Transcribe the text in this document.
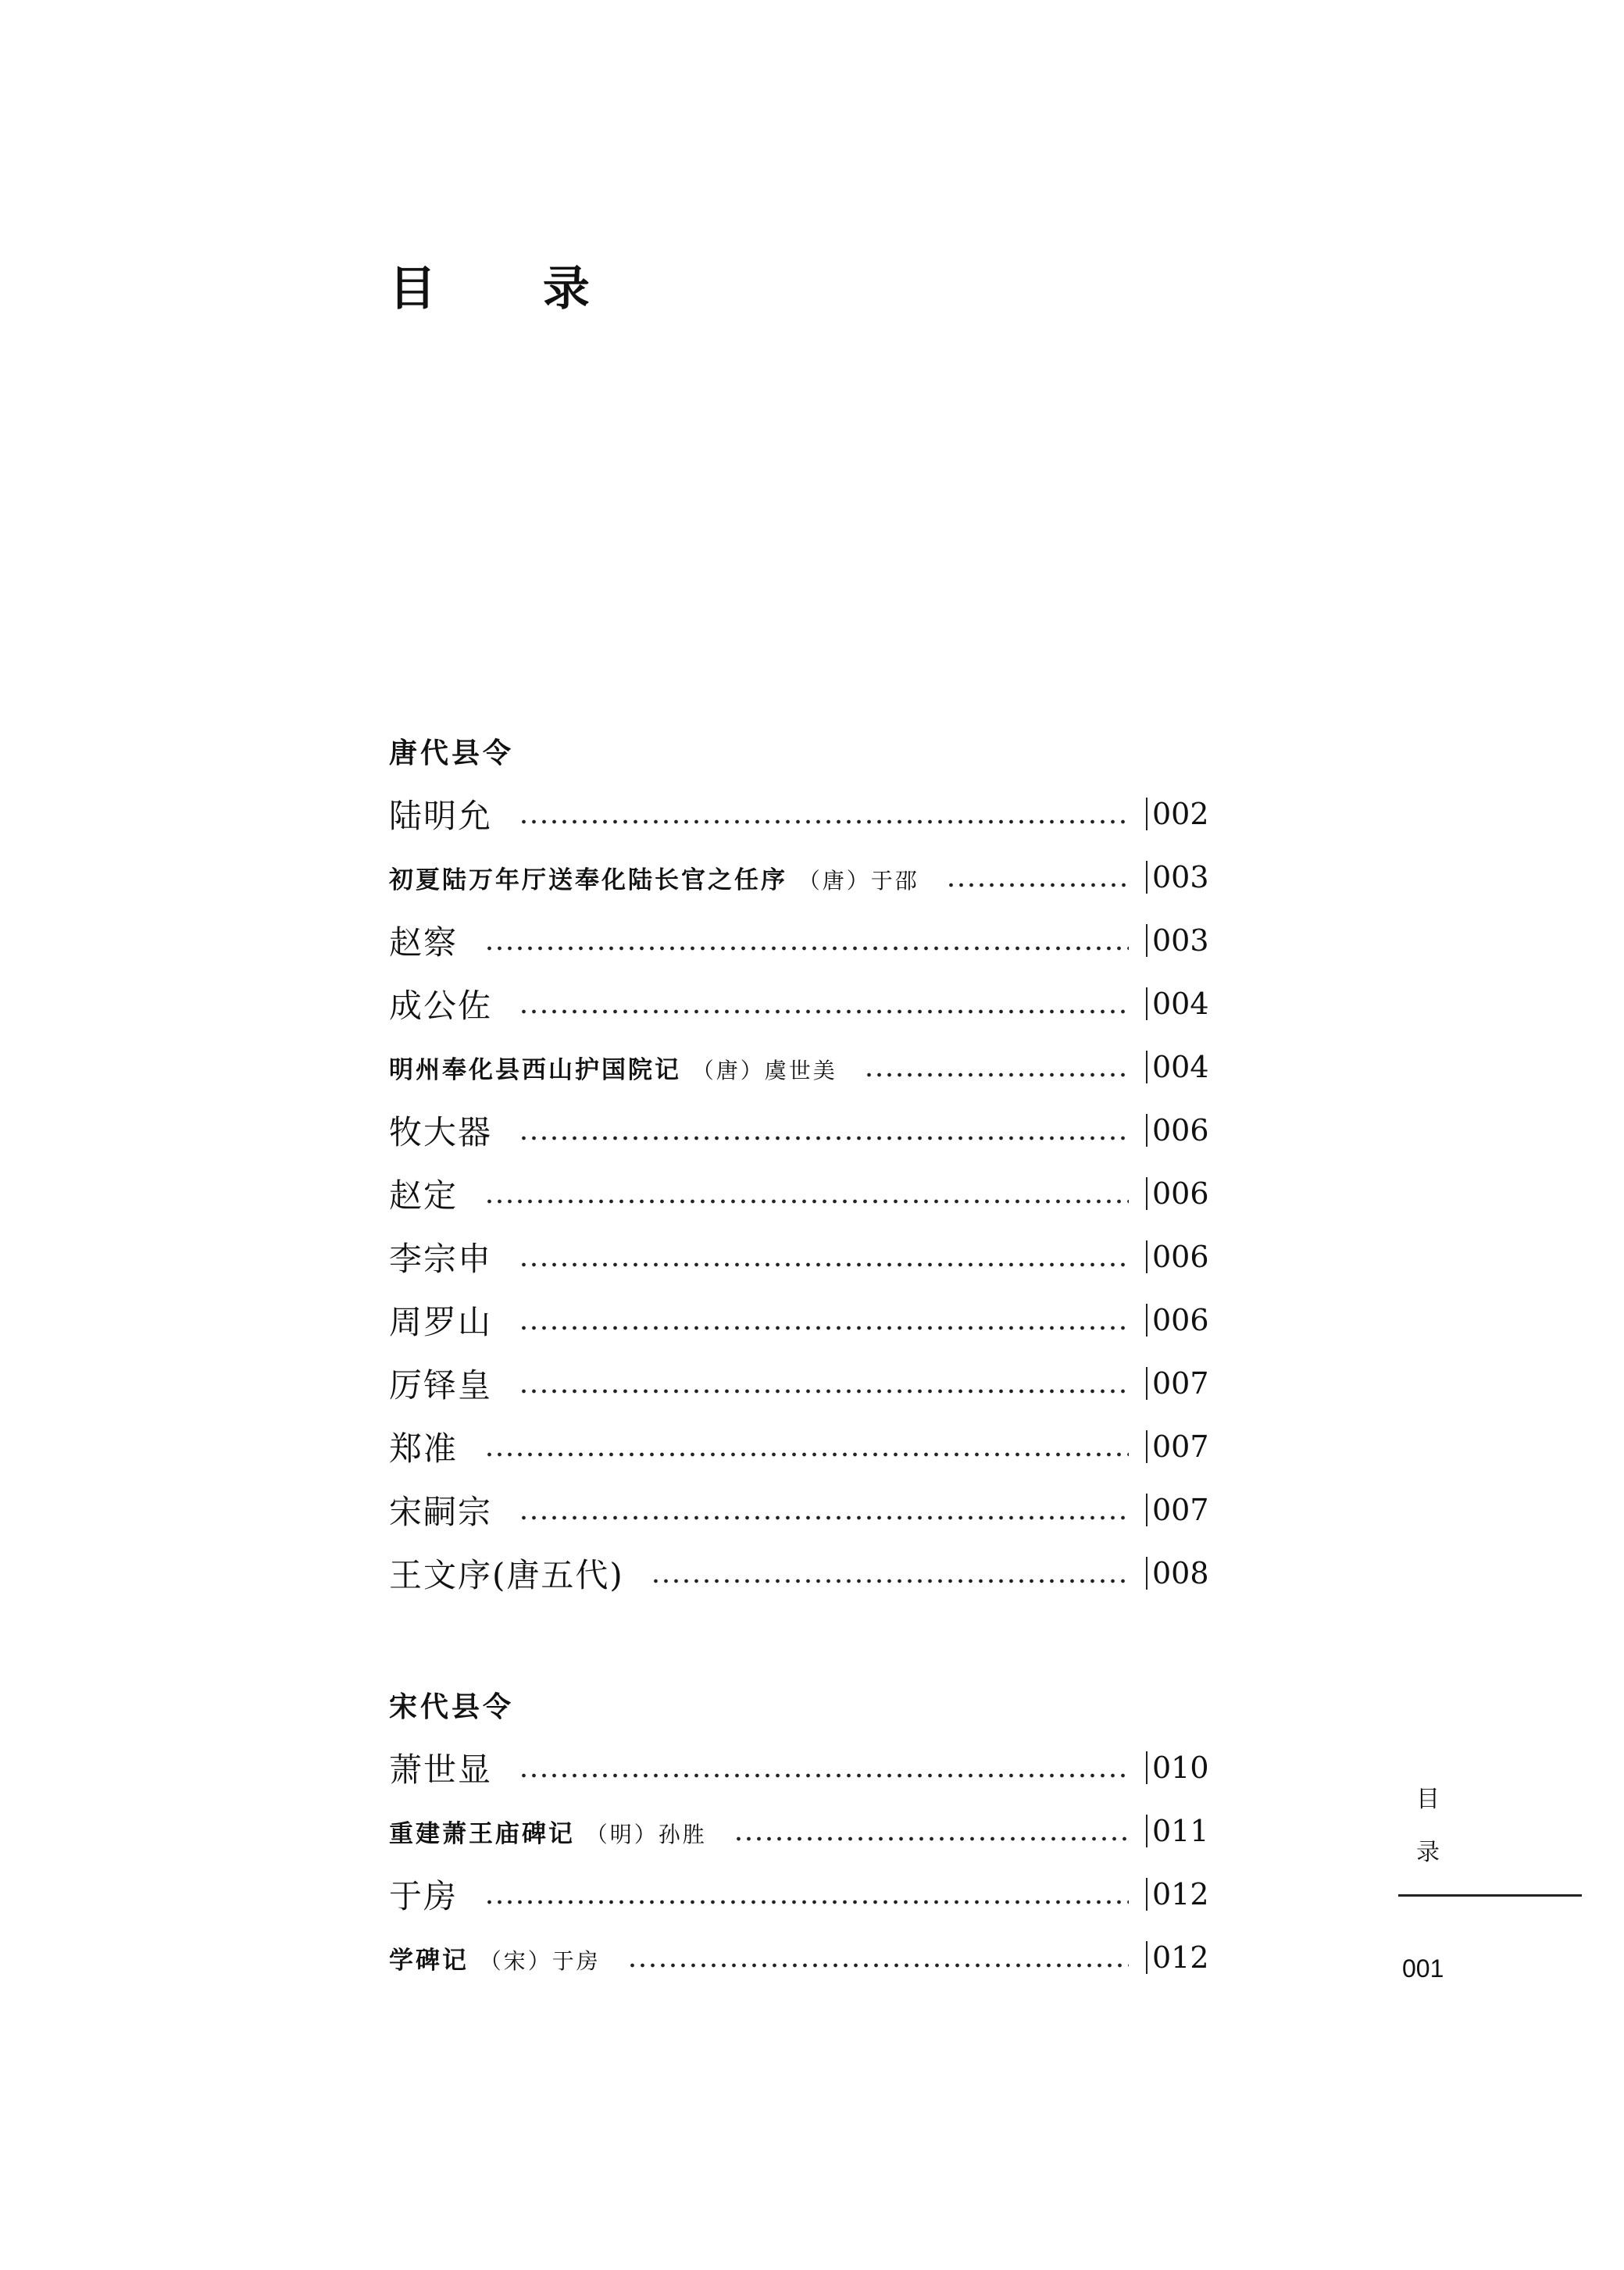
目 录
唐代县令
陆明允	002
初夏陆万年厅送奉化陆长官之任序 （唐）于邵	003
赵察	003
成公佐	004
明州奉化县西山护国院记 （唐）虞世美	004
牧大器	006
赵定	006
李宗申	006
周罗山	006
厉铎皇	007
郑准	007
宋嗣宗	007
王文序(唐五代)	008
宋代县令
萧世显	010
重建萧王庙碑记 （明）孙胜	011
于房	012
学碑记 （宋）于房	012
目
录
001
